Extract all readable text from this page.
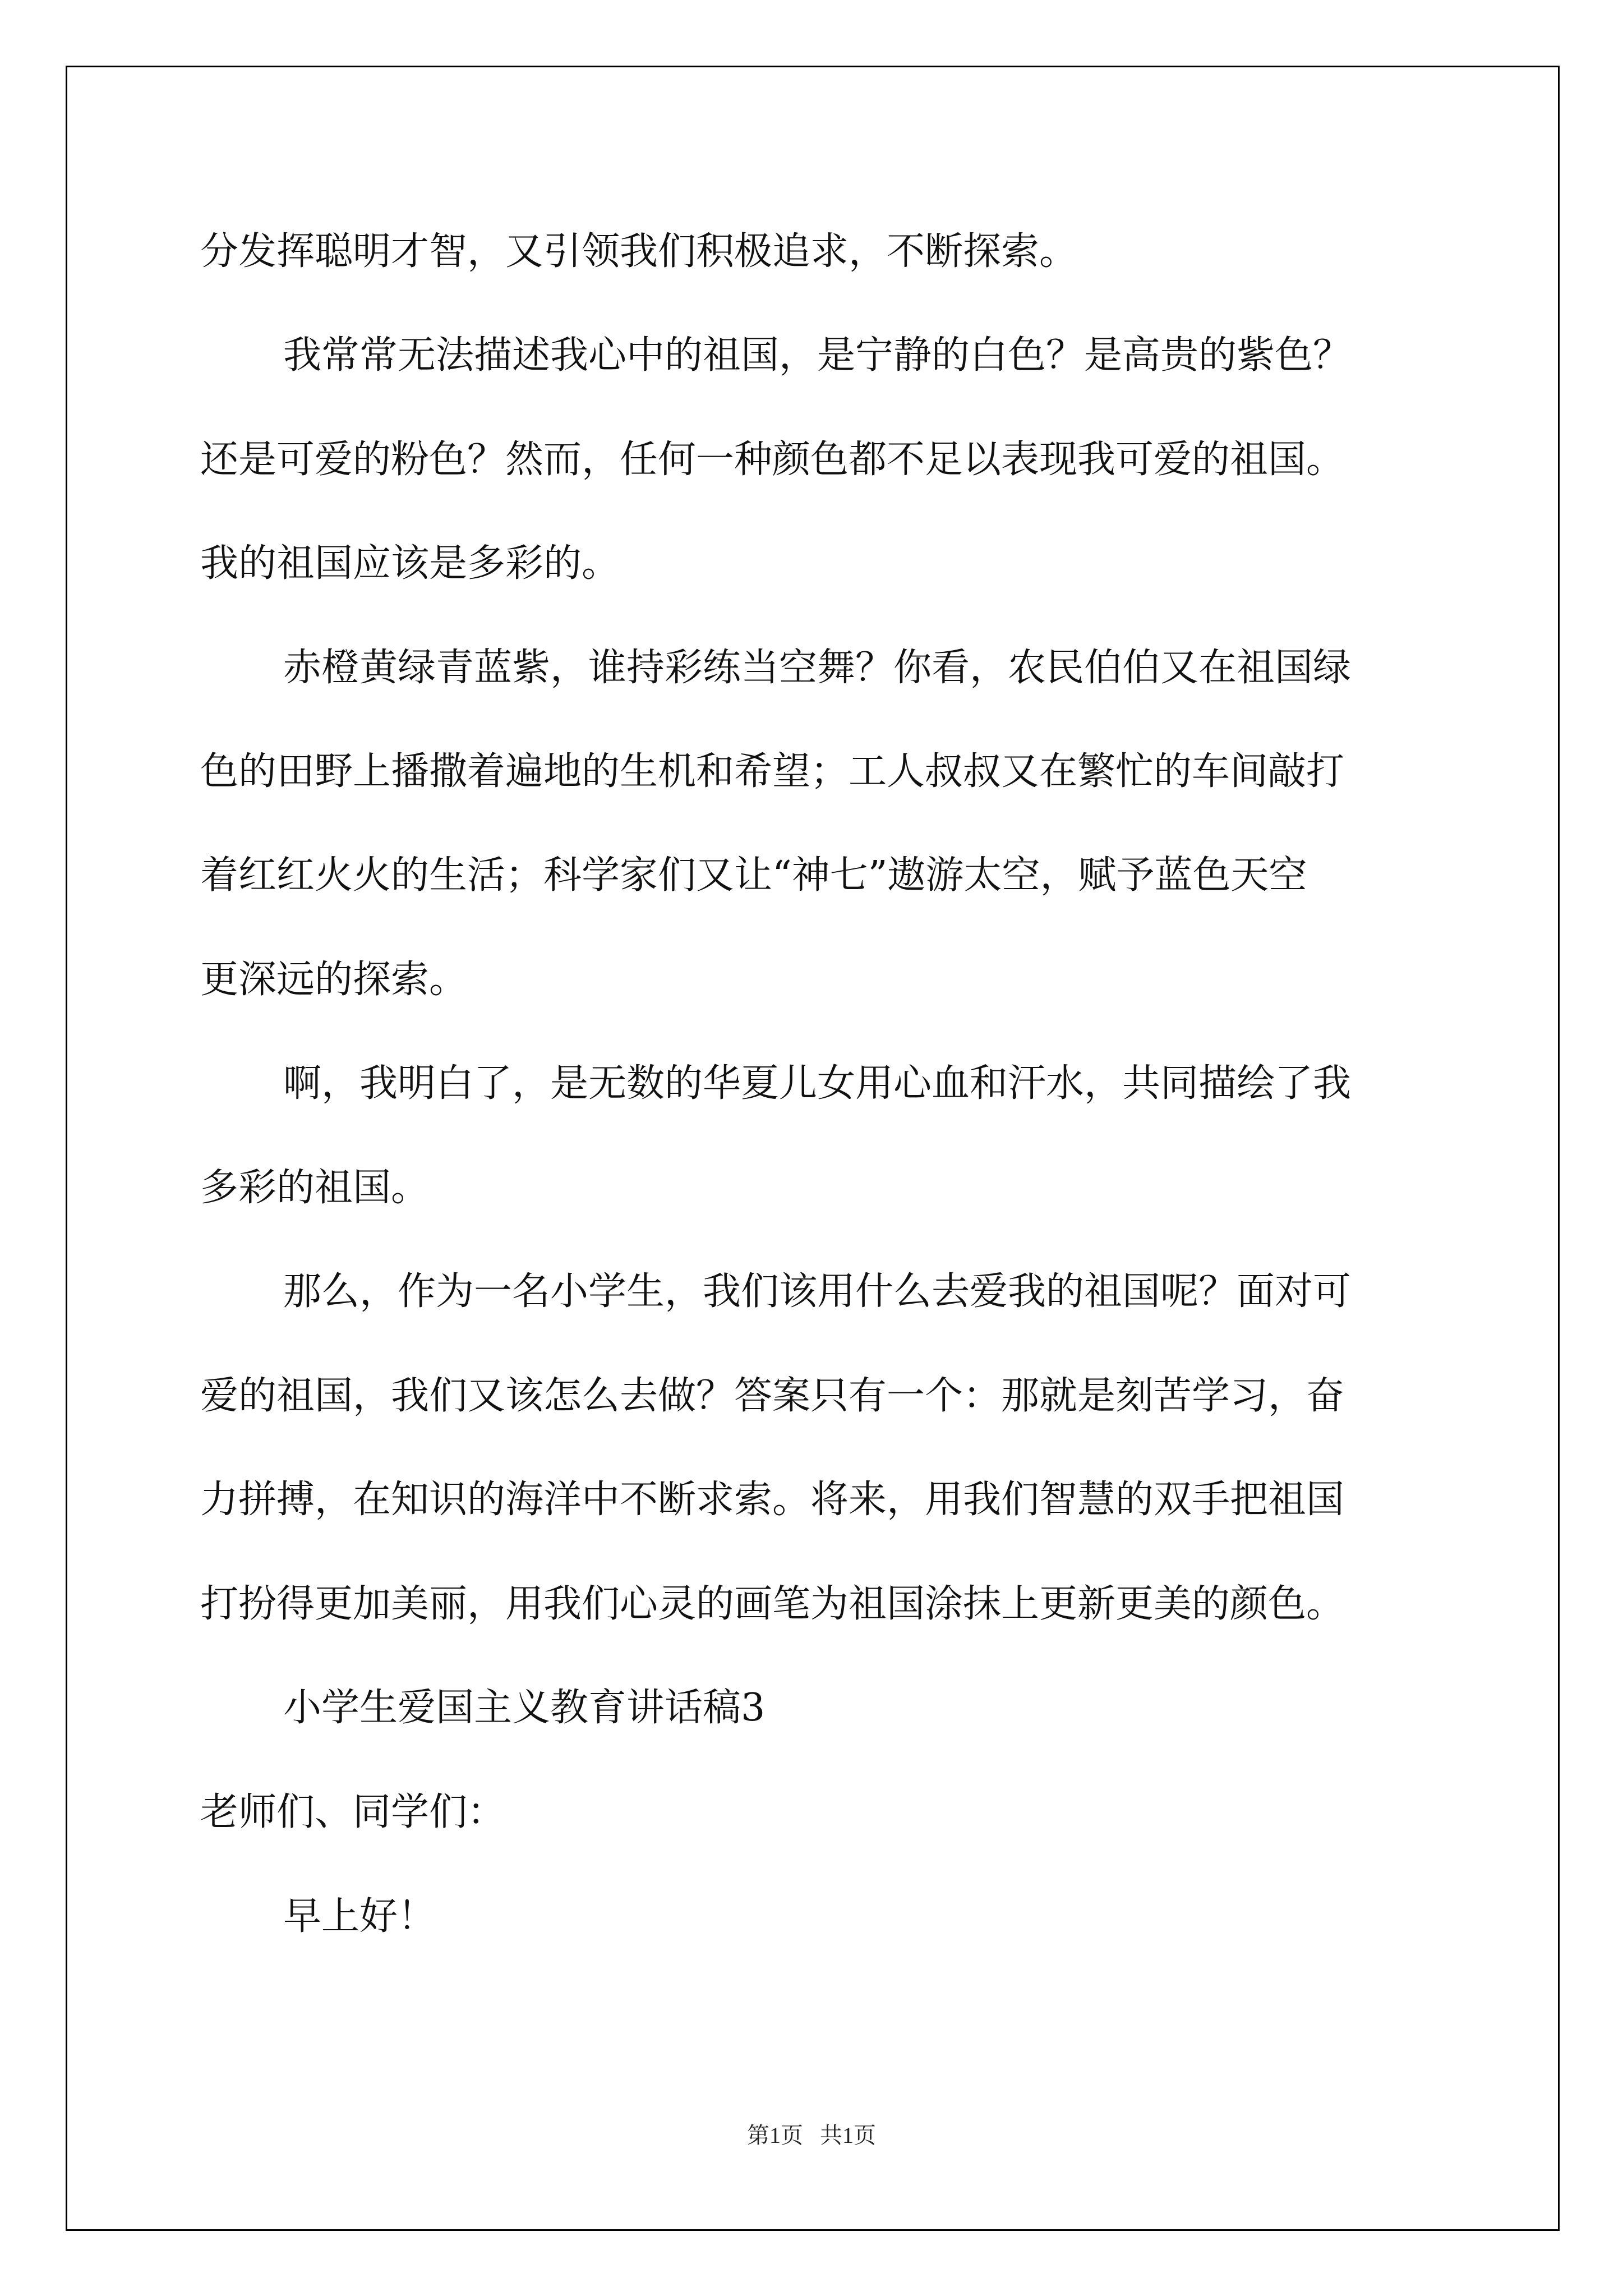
分发挥聪明才智，又引领我们积极追求，不断探索。
我常常无法描述我心中的祖国，是宁静的白色？是高贵的紫色？
还是可爱的粉色？然而，任何一种颜色都不足以表现我可爱的祖国。
我的祖国应该是多彩的。
赤橙黄绿青蓝紫，谁持彩练当空舞？你看，农民伯伯又在祖国绿
色的田野上播撒着遍地的生机和希望；工人叔叔又在繁忙的车间敲打
着红红火火的生活；科学家们又让“神七”遨游太空，赋予蓝色天空
更深远的探索。
啊，我明白了，是无数的华夏儿女用心血和汗水，共同描绘了我
多彩的祖国。
那么，作为一名小学生，我们该用什么去爱我的祖国呢？面对可
爱的祖国，我们又该怎么去做？答案只有一个：那就是刻苦学习，奋
力拼搏，在知识的海洋中不断求索。将来，用我们智慧的双手把祖国
打扮得更加美丽，用我们心灵的画笔为祖国涂抹上更新更美的颜色。
小学生爱国主义教育讲话稿3
老师们、同学们：
早上好！
第1页   共1页
